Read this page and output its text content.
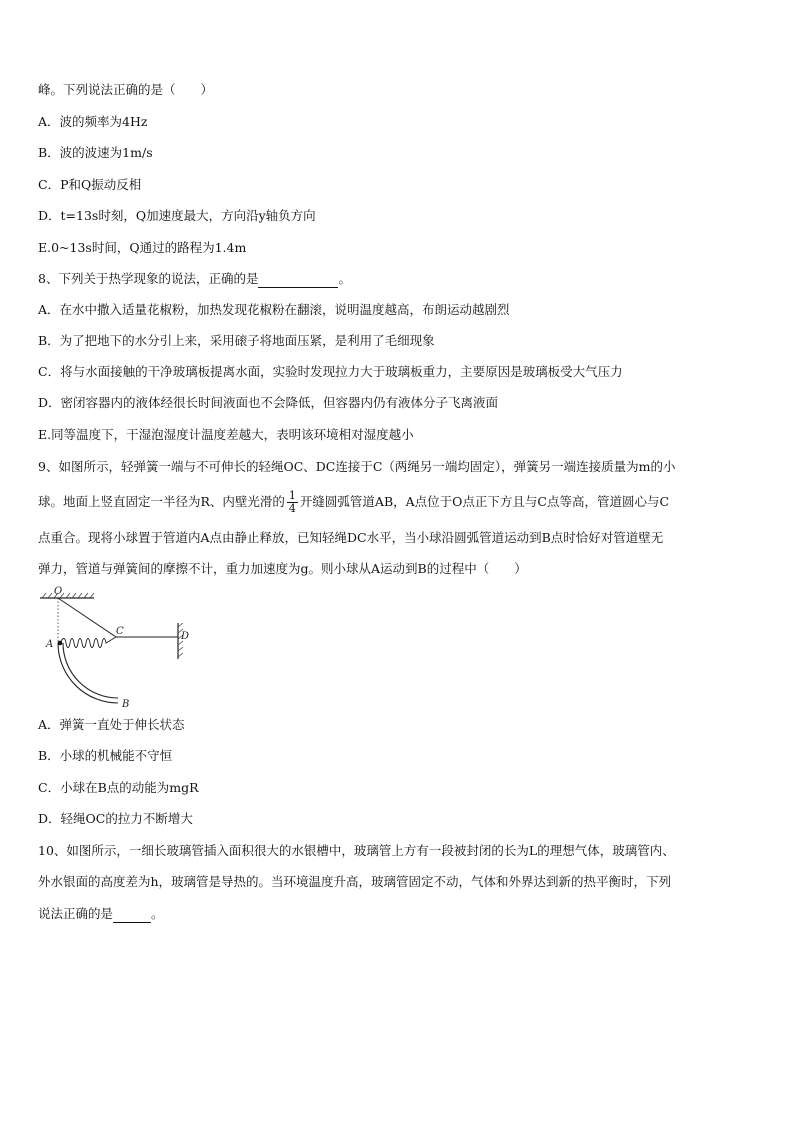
峰。下列说法正确的是（　　）
A．波的频率为4Hz
B．波的波速为1m/s
C．P和Q振动反相
D．t=13s时刻，Q加速度最大，方向沿y轴负方向
E.0~13s时间，Q通过的路程为1.4m
8、下列关于热学现象的说法，正确的是	。
A．在水中撒入适量花椒粉，加热发现花椒粉在翻滚，说明温度越高，布朗运动越剧烈
B．为了把地下的水分引上来，采用磙子将地面压紧，是利用了毛细现象
C．将与水面接触的干净玻璃板提离水面，实验时发现拉力大于玻璃板重力，主要原因是玻璃板受大气压力
D．密闭容器内的液体经很长时间液面也不会降低，但容器内仍有液体分子飞离液面
E.同等温度下，干湿泡湿度计温度差越大，表明该环境相对湿度越小
9、如图所示，轻弹簧一端与不可伸长的轻绳OC、DC连接于C（两绳另一端均固定），弹簧另一端连接质量为m的小
球。地面上竖直固定一半径为R、内壁光滑的 $\frac{1}{4}$ 开缝圆弧管道AB，A点位于O点正下方且与C点等高，管道圆心与C
点重合。现将小球置于管道内A点由静止释放，已知轻绳DC水平，当小球沿圆弧管道运动到B点时恰好对管道壁无
弹力，管道与弹簧间的摩擦不计，重力加速度为g。则小球从A运动到B的过程中（　　）
O
A
C	D
B
A．弹簧一直处于伸长状态
B．小球的机械能不守恒
C．小球在B点的动能为mgR
D．轻绳OC的拉力不断增大
10、如图所示，一细长玻璃管插入面积很大的水银槽中，玻璃管上方有一段被封闭的长为L的理想气体，玻璃管内、
外水银面的高度差为h，玻璃管是导热的。当环境温度升高，玻璃管固定不动，气体和外界达到新的热平衡时，下列
说法正确的是	。
